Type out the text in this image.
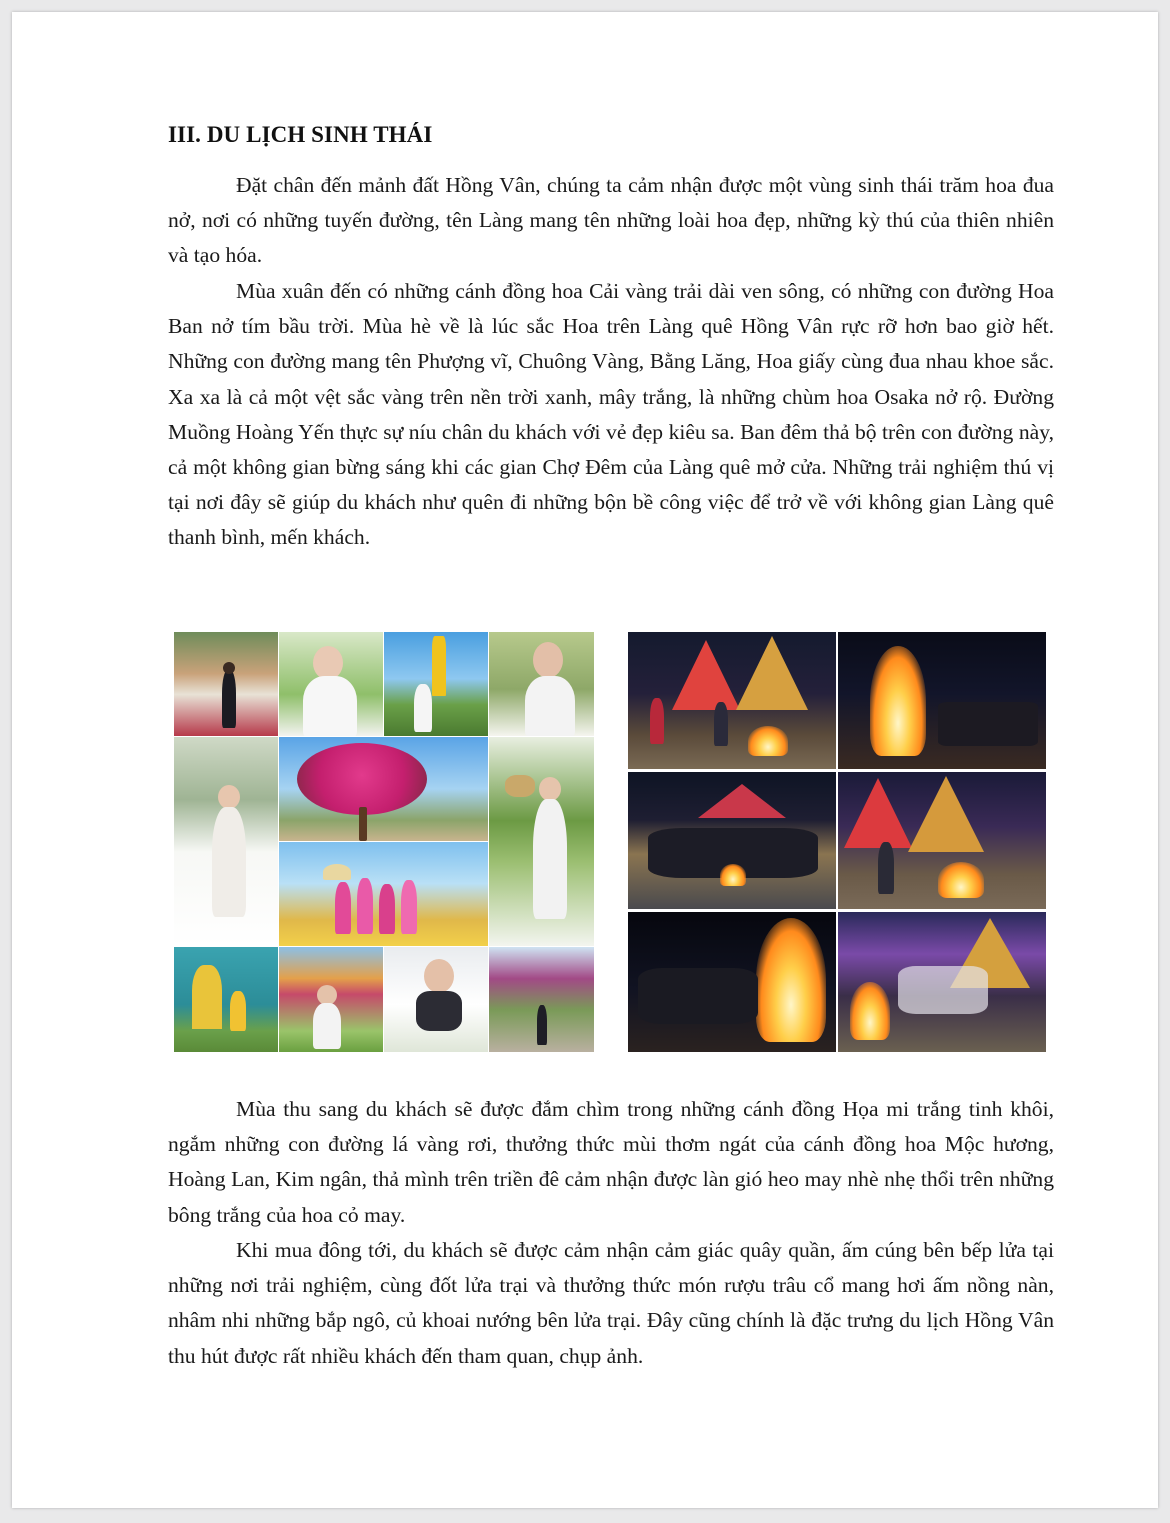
III. DU LỊCH SINH THÁI

Đặt chân đến mảnh đất Hồng Vân, chúng ta cảm nhận được một vùng sinh thái trăm hoa đua nở, nơi có những tuyến đường, tên Làng mang tên những loài hoa đẹp, những kỳ thú của thiên nhiên và tạo hóa.

Mùa xuân đến có những cánh đồng hoa Cải vàng trải dài ven sông, có những con đường Hoa Ban nở tím bầu trời. Mùa hè về là lúc sắc Hoa trên Làng quê Hồng Vân rực rỡ hơn bao giờ hết. Những con đường mang tên Phượng vĩ, Chuông Vàng, Bằng Lăng, Hoa giấy cùng đua nhau khoe sắc. Xa xa là cả một vệt sắc vàng trên nền trời xanh, mây trắng, là những chùm hoa Osaka nở rộ. Đường Muồng Hoàng Yến thực sự níu chân du khách với vẻ đẹp kiêu sa. Ban đêm thả bộ trên con đường này, cả một không gian bừng sáng khi các gian Chợ Đêm của Làng quê mở cửa. Những trải nghiệm thú vị tại nơi đây sẽ giúp du khách như quên đi những bộn bề công việc để trở về với không gian Làng quê thanh bình, mến khách.

Mùa thu sang du khách sẽ được đắm chìm trong những cánh đồng Họa mi trắng tinh khôi, ngắm những con đường lá vàng rơi, thưởng thức mùi thơm ngát của cánh đồng hoa Mộc hương, Hoàng Lan, Kim ngân, thả mình trên triền đê cảm nhận được làn gió heo may nhè nhẹ thổi trên những bông trắng của hoa cỏ may.

Khi mua đông tới, du khách sẽ được cảm nhận cảm giác quây quần, ấm cúng bên bếp lửa tại những nơi trải nghiệm, cùng đốt lửa trại và thưởng thức món rượu trâu cổ mang hơi ấm nồng nàn, nhâm nhi những bắp ngô, củ khoai nướng bên lửa trại. Đây cũng chính là đặc trưng du lịch Hồng Vân thu hút được rất nhiều khách đến tham quan, chụp ảnh.
